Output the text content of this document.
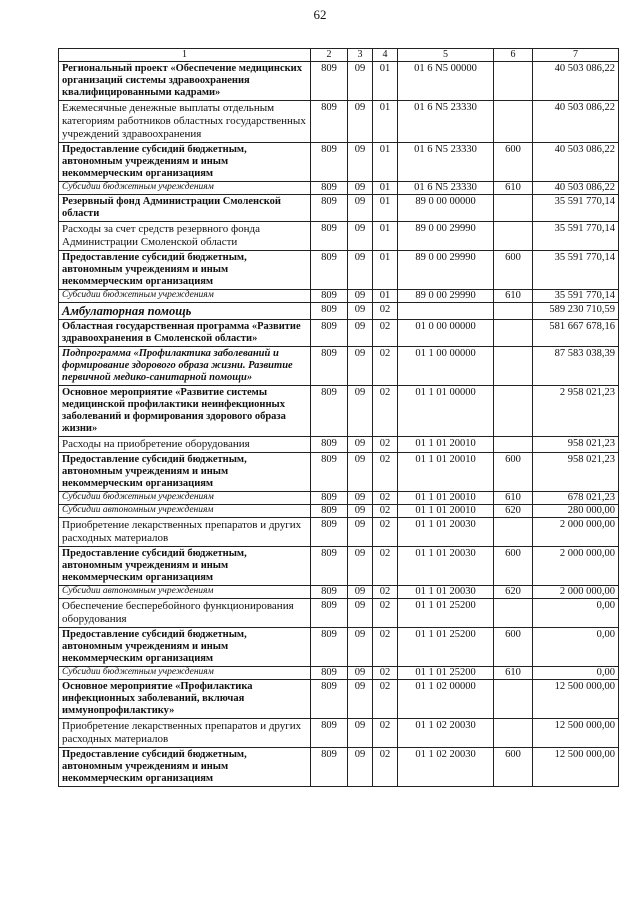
62
1	2	3	4	5	6	7
Региональный проект «Обеспечение медицинских организаций системы здравоохранения квалифицированными кадрами»	809	09	01	01 6 N5 00000		40 503 086,22
Ежемесячные денежные выплаты отдельным категориям работников областных государственных учреждений здравоохранения	809	09	01	01 6 N5 23330		40 503 086,22
Предоставление субсидий бюджетным, автономным учреждениям и иным некоммерческим организациям	809	09	01	01 6 N5 23330	600	40 503 086,22
Субсидии бюджетным учреждениям	809	09	01	01 6 N5 23330	610	40 503 086,22
Резервный фонд Администрации Смоленской области	809	09	01	89 0 00 00000		35 591 770,14
Расходы за счет средств резервного фонда Администрации Смоленской области	809	09	01	89 0 00 29990		35 591 770,14
Предоставление субсидий бюджетным, автономным учреждениям и иным некоммерческим организациям	809	09	01	89 0 00 29990	600	35 591 770,14
Субсидии бюджетным учреждениям	809	09	01	89 0 00 29990	610	35 591 770,14
Амбулаторная помощь	809	09	02			589 230 710,59
Областная государственная программа «Развитие здравоохранения в Смоленской области»	809	09	02	01 0 00 00000		581 667 678,16
Подпрограмма «Профилактика заболеваний и формирование здорового образа жизни. Развитие первичной медико-санитарной помощи»	809	09	02	01 1 00 00000		87 583 038,39
Основное мероприятие «Развитие системы медицинской профилактики неинфекционных заболеваний и формирования здорового образа жизни»	809	09	02	01 1 01 00000		2 958 021,23
Расходы на приобретение оборудования	809	09	02	01 1 01 20010		958 021,23
Предоставление субсидий бюджетным, автономным учреждениям и иным некоммерческим организациям	809	09	02	01 1 01 20010	600	958 021,23
Субсидии бюджетным учреждениям	809	09	02	01 1 01 20010	610	678 021,23
Субсидии автономным учреждениям	809	09	02	01 1 01 20010	620	280 000,00
Приобретение лекарственных препаратов и других расходных материалов	809	09	02	01 1 01 20030		2 000 000,00
Предоставление субсидий бюджетным, автономным учреждениям и иным некоммерческим организациям	809	09	02	01 1 01 20030	600	2 000 000,00
Субсидии автономным учреждениям	809	09	02	01 1 01 20030	620	2 000 000,00
Обеспечение бесперебойного функционирования оборудования	809	09	02	01 1 01 25200		0,00
Предоставление субсидий бюджетным, автономным учреждениям и иным некоммерческим организациям	809	09	02	01 1 01 25200	600	0,00
Субсидии бюджетным учреждениям	809	09	02	01 1 01 25200	610	0,00
Основное мероприятие «Профилактика инфекционных заболеваний, включая иммунопрофилактику»	809	09	02	01 1 02 00000		12 500 000,00
Приобретение лекарственных препаратов и других расходных материалов	809	09	02	01 1 02 20030		12 500 000,00
Предоставление субсидий бюджетным, автономным учреждениям и иным некоммерческим организациям	809	09	02	01 1 02 20030	600	12 500 000,00
